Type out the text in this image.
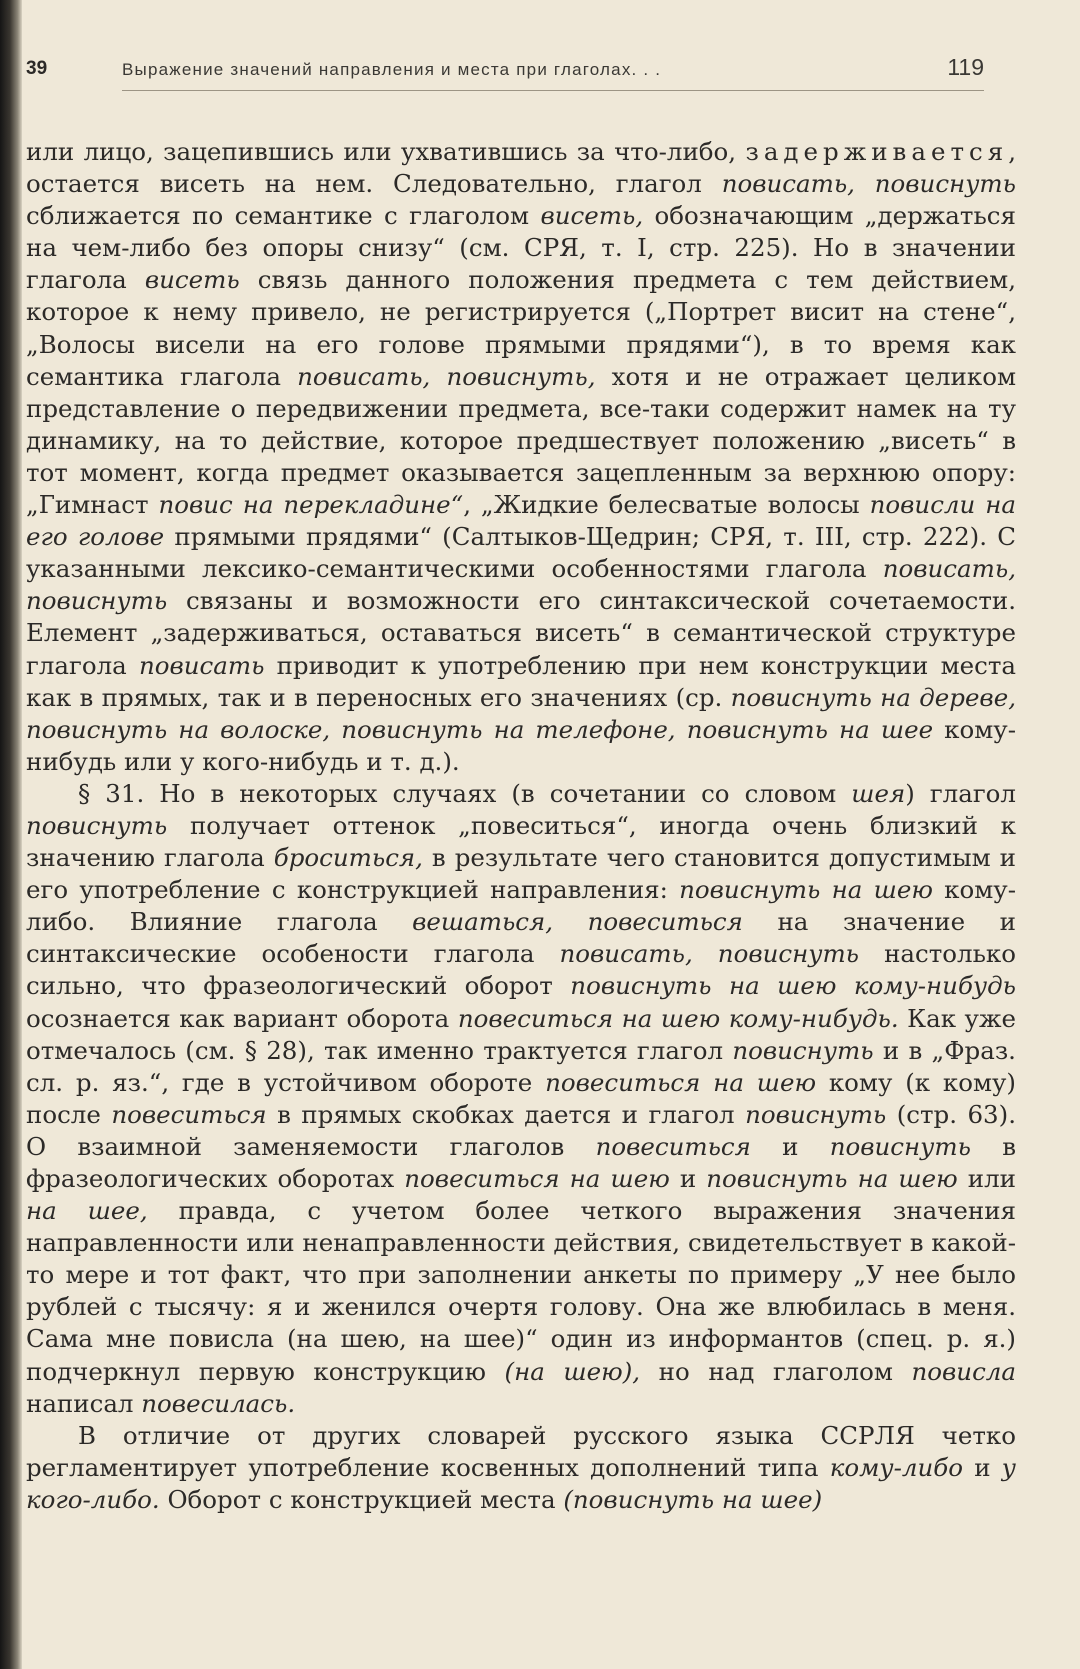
39	Выражение значений направления и места при глаголах. . .	119

или лицо, зацепившись или ухватившись за что-либо, задерживается, остается висеть на нем. Следовательно, глагол повисать, повиснуть сближается по семантике с глаголом висеть, обозначающим „держаться на чем-либо без опоры снизу“ (см. СРЯ, т. I, стр. 225). Но в значении глагола висеть связь данного положения предмета с тем действием, которое к нему привело, не регистрируется („Портрет висит на стене“, „Волосы висели на его голове прямыми прядями“), в то время как семантика глагола повисать, повиснуть, хотя и не отражает целиком представление о передвижении предмета, все-таки содержит намек на ту динамику, на то действие, которое предшествует положению „висеть“ в тот момент, когда предмет оказывается зацепленным за верхнюю опору: „Гимнаст повис на перекладине“, „Жидкие белесватые волосы повисли на его голове прямыми прядями“ (Салтыков-Щедрин; СРЯ, т. III, стр. 222). С указанными лексико-семантическими особенностями глагола повисать, повиснуть связаны и возможности его синтаксической сочетаемости. Елемент „задерживаться, оставаться висеть“ в семантической структуре глагола повисать приводит к употреблению при нем конструкции места как в прямых, так и в переносных его значениях (ср. повиснуть на дереве, повиснуть на волоске, повиснуть на телефоне, повиснуть на шее кому-нибудь или у кого-нибудь и т. д.).

§ 31. Но в некоторых случаях (в сочетании со словом шея) глагол повиснуть получает оттенок „повеситься“, иногда очень близкий к значению глагола броситься, в результате чего становится допустимым и его употребление с конструкцией направления: повиснуть на шею кому-либо. Влияние глагола вешаться, повеситься на значение и синтаксические особености глагола повисать, повиснуть настолько сильно, что фразеологический оборот повиснуть на шею кому-нибудь осознается как вариант оборота повеситься на шею кому-нибудь. Как уже отмечалось (см. § 28), так именно трактуется глагол повиснуть и в „Фраз. сл. р. яз.“, где в устойчивом обороте повеситься на шею кому (к кому) после повеситься в прямых скобках дается и глагол повиснуть (стр. 63). О взаимной заменяемости глаголов повеситься и повиснуть в фразеологических оборотах повеситься на шею и повиснуть на шею или на шее, правда, с учетом более четкого выражения значения направленности или ненаправленности действия, свидетельствует в какой-то мере и тот факт, что при заполнении анкеты по примеру „У нее было рублей с тысячу: я и женился очертя голову. Она же влюбилась в меня. Сама мне повисла (на шею, на шее)“ один из информантов (спец. р. я.) подчеркнул первую конструкцию (на шею), но над глаголом повисла написал повесилась.

В отличие от других словарей русского языка ССРЛЯ четко регламентирует употребление косвенных дополнений типа кому-либо и у кого-либо. Оборот с конструкцией места (повиснуть на шее)
